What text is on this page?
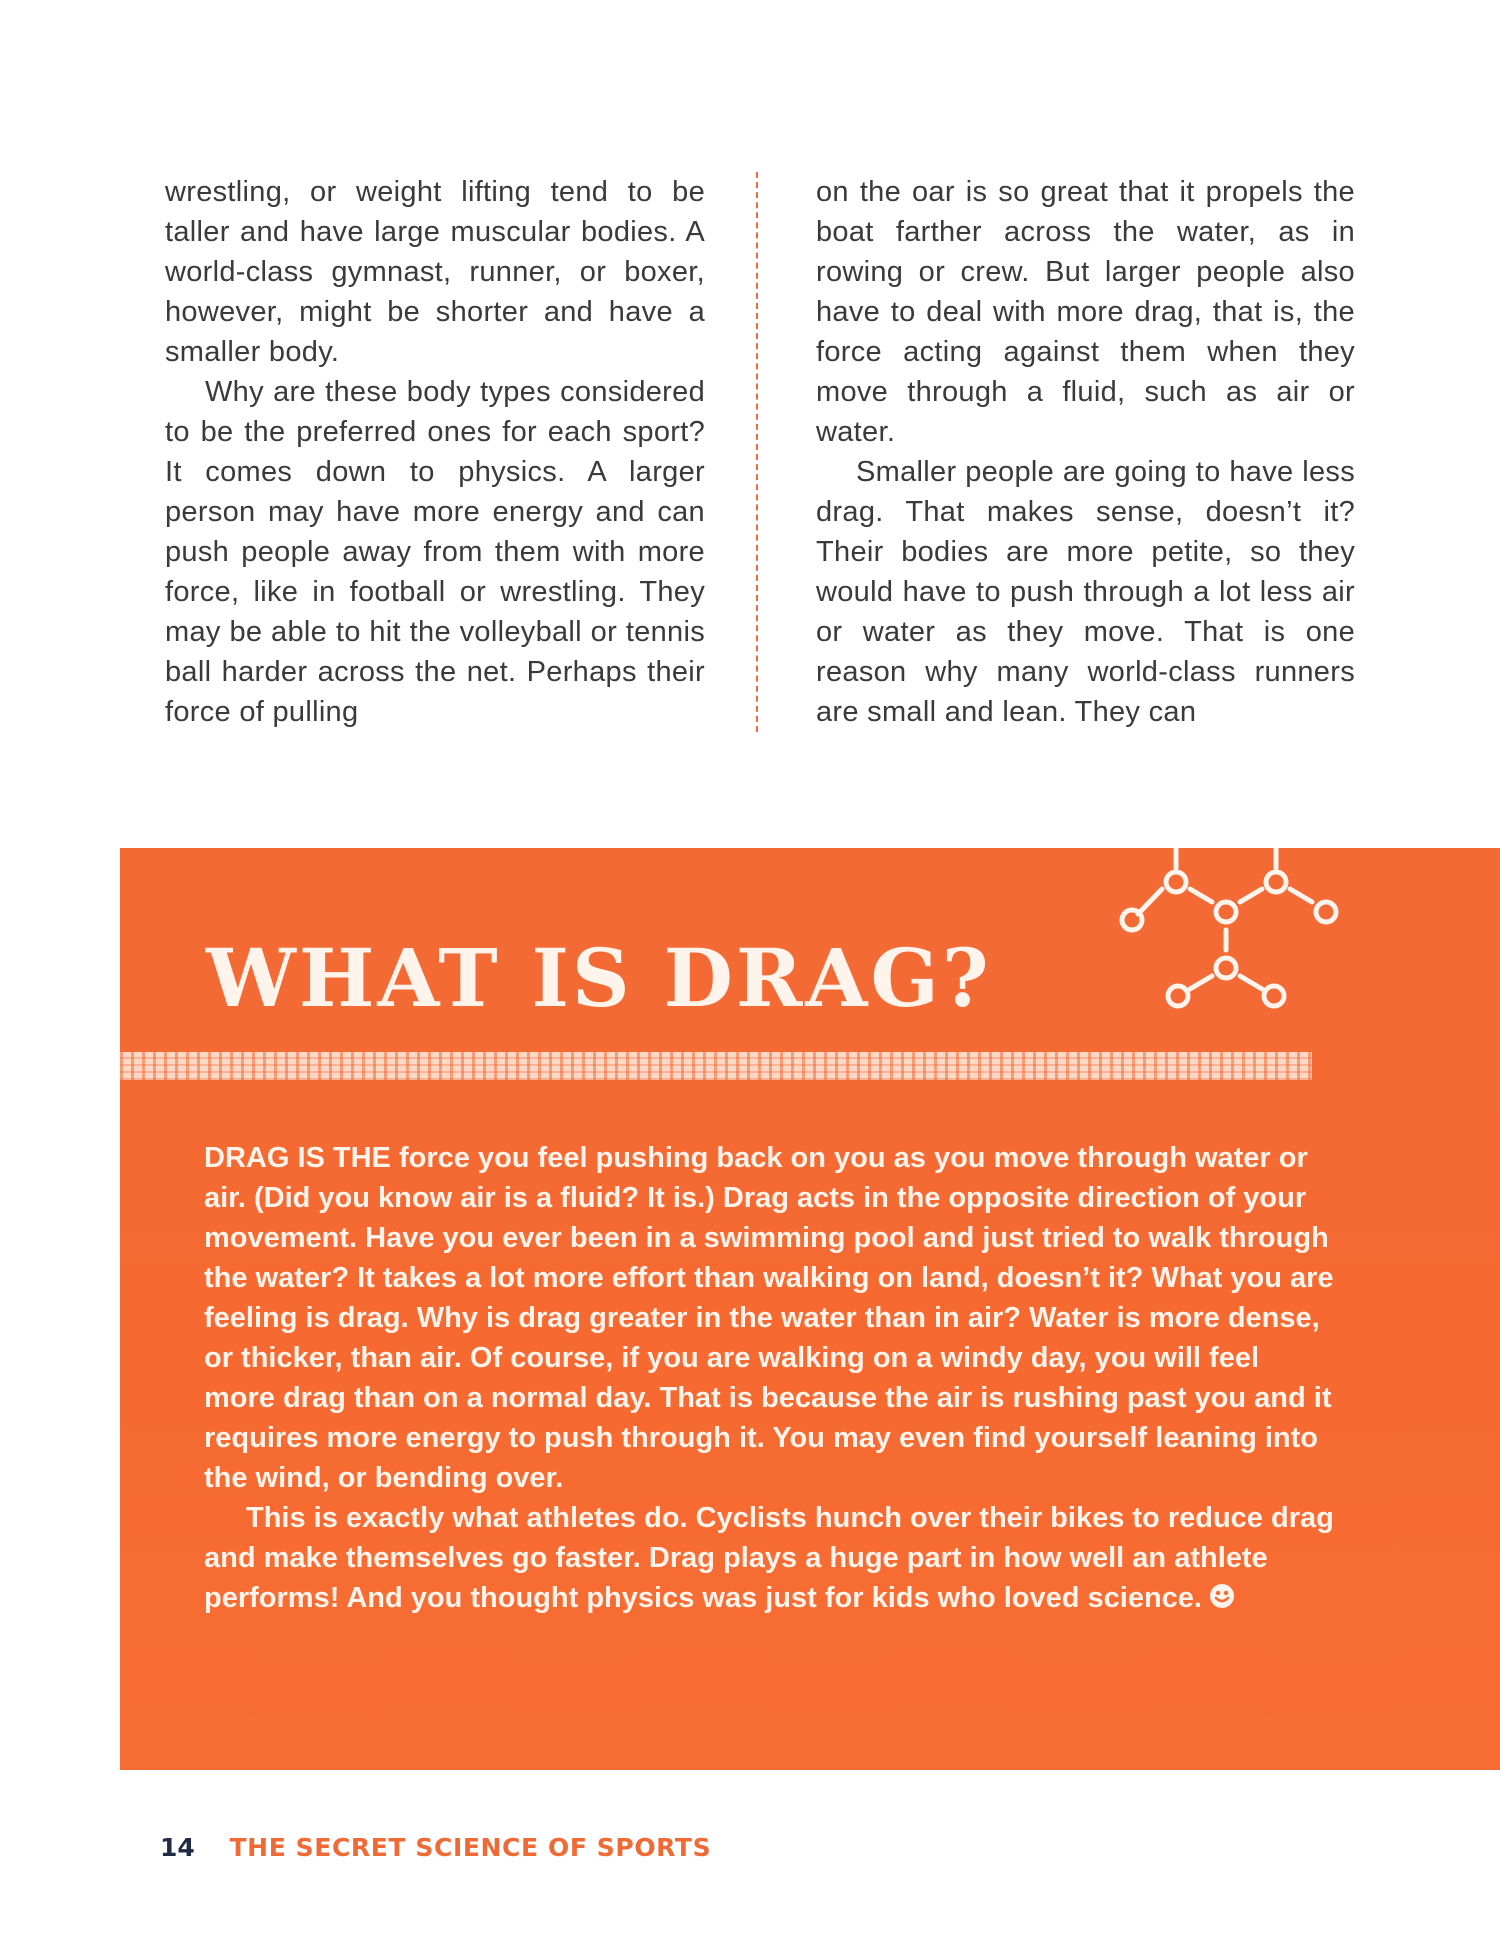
wrestling, or weight lifting tend to be taller and have large muscular bodies. A world-class gymnast, runner, or boxer, however, might be shorter and have a smaller body.

Why are these body types considered to be the preferred ones for each sport? It comes down to physics. A larger person may have more energy and can push people away from them with more force, like in football or wrestling. They may be able to hit the volleyball or tennis ball harder across the net. Perhaps their force of pulling

on the oar is so great that it propels the boat farther across the water, as in rowing or crew. But larger people also have to deal with more drag, that is, the force acting against them when they move through a fluid, such as air or water.

Smaller people are going to have less drag. That makes sense, doesn’t it? Their bodies are more petite, so they would have to push through a lot less air or water as they move. That is one reason why many world-class runners are small and lean. They can

WHAT IS DRAG?

DRAG IS THE force you feel pushing back on you as you move through water or air. (Did you know air is a fluid? It is.) Drag acts in the opposite direction of your movement. Have you ever been in a swimming pool and just tried to walk through the water? It takes a lot more effort than walking on land, doesn’t it? What you are feeling is drag. Why is drag greater in the water than in air? Water is more dense, or thicker, than air. Of course, if you are walking on a windy day, you will feel more drag than on a normal day. That is because the air is rushing past you and it requires more energy to push through it. You may even find yourself leaning into the wind, or bending over.

This is exactly what athletes do. Cyclists hunch over their bikes to reduce drag and make themselves go faster. Drag plays a huge part in how well an athlete performs! And you thought physics was just for kids who loved science.

14 THE SECRET SCIENCE OF SPORTS
